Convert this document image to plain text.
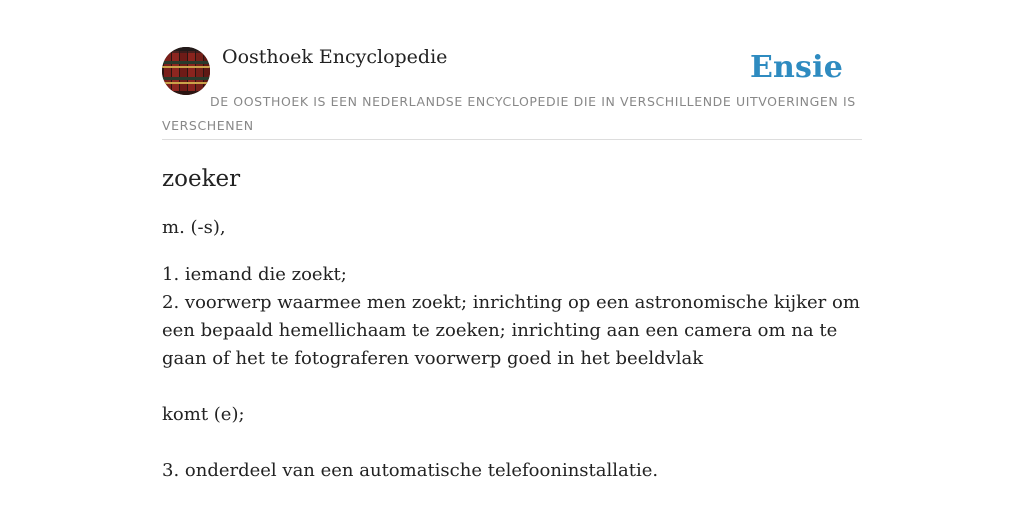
Oosthoek Encyclopedie	Ensie
DE OOSTHOEK IS EEN NEDERLANDSE ENCYCLOPEDIE DIE IN VERSCHILLENDE UITVOERINGEN IS VERSCHENEN
zoeker

m. (-s),

1. iemand die zoekt;

2. voorwerp waarmee men zoekt; inrichting op een astronomische kijker om een bepaald hemellichaam te zoeken; inrichting aan een camera om na te gaan of het te fotograferen voorwerp goed in het beeldvlak

komt (e);

3. onderdeel van een automatische telefooninstallatie.
